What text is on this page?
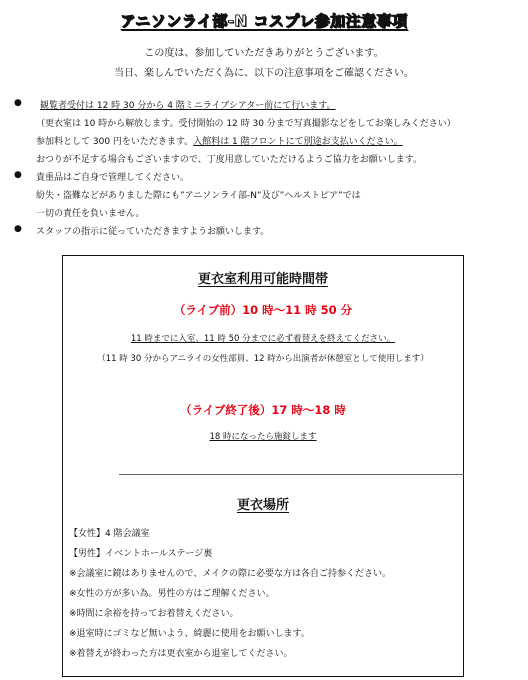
アニソンライ部-N コスプレ参加注意事項
この度は、参加していただきありがとうございます。
当日、楽しんでいただく為に、以下の注意事項をご確認ください。
● 観覧者受付は 12 時 30 分から 4 階ミニライブシアター前にて行います。
（更衣室は 10 時から解放します。受付開始の 12 時 30 分まで写真撮影などをしてお楽しみください）
参加料として 300 円をいただきます。入館料は 1 階フロントにて別途お支払いください。
おつりが不足する場合もございますので、丁度用意していただけるようご協力をお願いします。
● 貴重品はご自身で管理してください。
紛失・盗難などがありました際にも”アニソンライ部-N”及び”ヘルストピア”では
一切の責任を負いません。
● スタッフの指示に従っていただきますようお願いします。
更衣室利用可能時間帯
（ライブ前）10 時～11 時 50 分
11 時までに入室、11 時 50 分までに必ず着替えを終えてください。
（11 時 30 分からアニライの女性部員、12 時から出演者が休憩室として使用します）
（ライブ終了後）17 時～18 時
18 時になったら施錠します
更衣場所
【女性】4 階会議室
【男性】イベントホールステージ裏
※会議室に鏡はありませんので、メイクの際に必要な方は各自ご持参ください。
※女性の方が多い為。男性の方はご理解ください。
※時間に余裕を持ってお着替えください。
※退室時にゴミなど無いよう、綺麗に使用をお願いします。
※着替えが終わった方は更衣室から退室してください。
